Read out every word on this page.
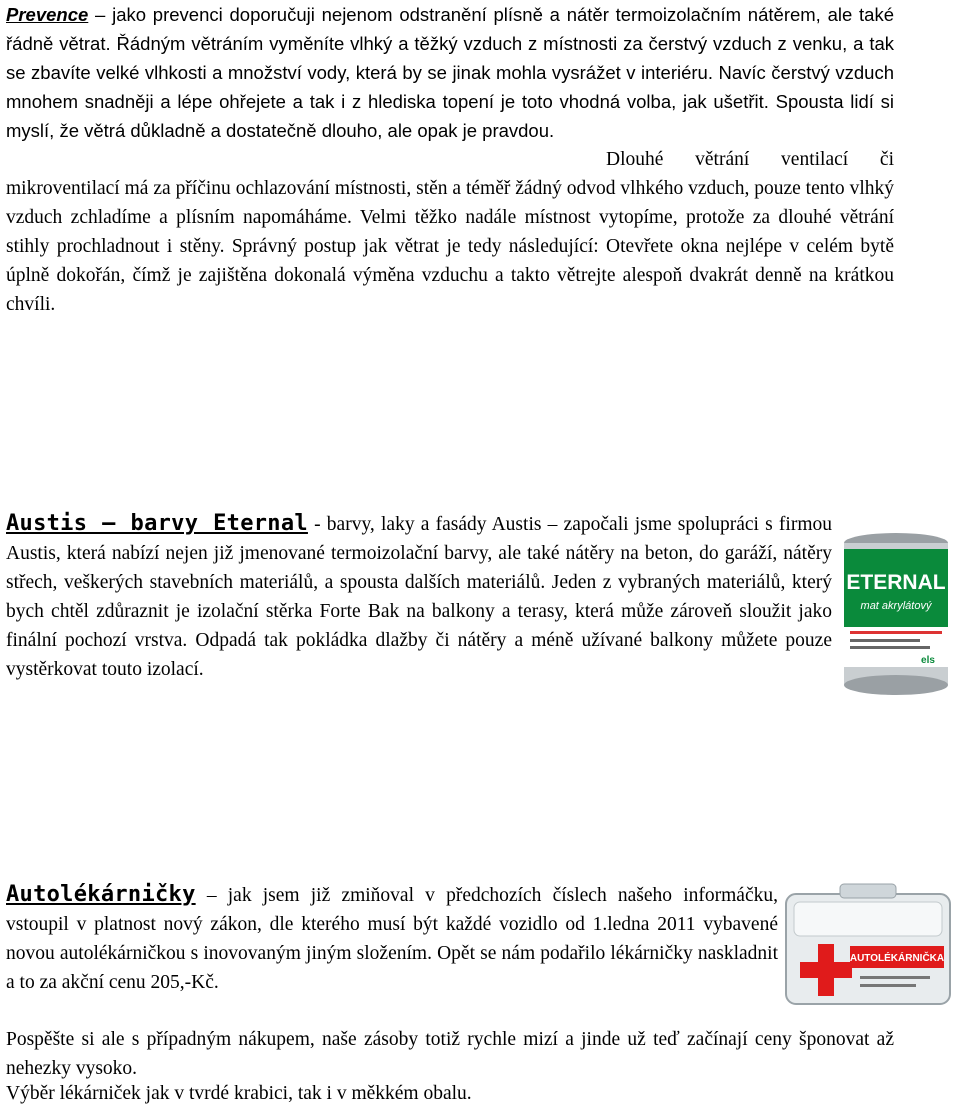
Prevence – jako prevenci doporučuji nejenom odstranění plísně a nátěr termoizolačním nátěrem, ale také řádně větrat. Řádným větráním vyměníte vlhký a těžký vzduch z místnosti za čerstvý vzduch z venku, a tak se zbavíte velké vlhkosti a množství vody, která by se jinak mohla vysrážet v interiéru. Navíc čerstvý vzduch mnohem snadněji a lépe ohřejete a tak i z hlediska topení je toto vhodná volba, jak ušetřit. Spousta lidí si myslí, že větrá důkladně a dostatečně dlouho, ale opak je pravdou.

Dlouhé větrání ventilací či mikroventilací má za příčinu ochlazování místnosti, stěn a téměř žádný odvod vlhkého vzduch, pouze tento vlhký vzduch zchladíme a plísním napomáháme. Velmi těžko nadále místnost vytopíme, protože za dlouhé větrání stihly prochladnout i stěny. Správný postup jak větrat je tedy následující: Otevřete okna nejlépe v celém bytě úplně dokořán, čímž je zajištěna dokonalá výměna vzduchu a takto větrejte alespoň dvakrát denně na krátkou chvíli.

Austis – barvy Eternal - barvy, laky a fasády Austis – započali jsme spolupráci s firmou Austis, která nabízí nejen již jmenované termoizolační barvy, ale také nátěry na beton, do garáží, nátěry střech, veškerých stavebních materiálů, a spousta dalších materiálů. Jeden z vybraných materiálů, který bych chtěl zdůraznit je izolační stěrka Forte Bak na balkony a terasy, která může zároveň sloužit jako finální pochozí vrstva. Odpadá tak pokládka dlažby či nátěry a méně užívané balkony můžete pouze vystěrkovat touto izolací.

ETERNAL
mat akrylátový
els

Autolékárničky – jak jsem již zmiňoval v předchozích číslech našeho informáčku, vstoupil v platnost nový zákon, dle kterého musí být každé vozidlo od 1.ledna 2011 vybavené novou autolékárničkou s inovovaným jiným složením. Opět se nám podařilo lékárničky naskladnit a to za akční cenu 205,-Kč.

Pospěšte si ale s případným nákupem, naše zásoby totiž rychle mizí a jinde už teď začínají ceny šponovat až nehezky vysoko.

Výběr lékárniček jak v tvrdé krabici, tak i v měkkém obalu.

AUTOLÉKÁRNIČKA
